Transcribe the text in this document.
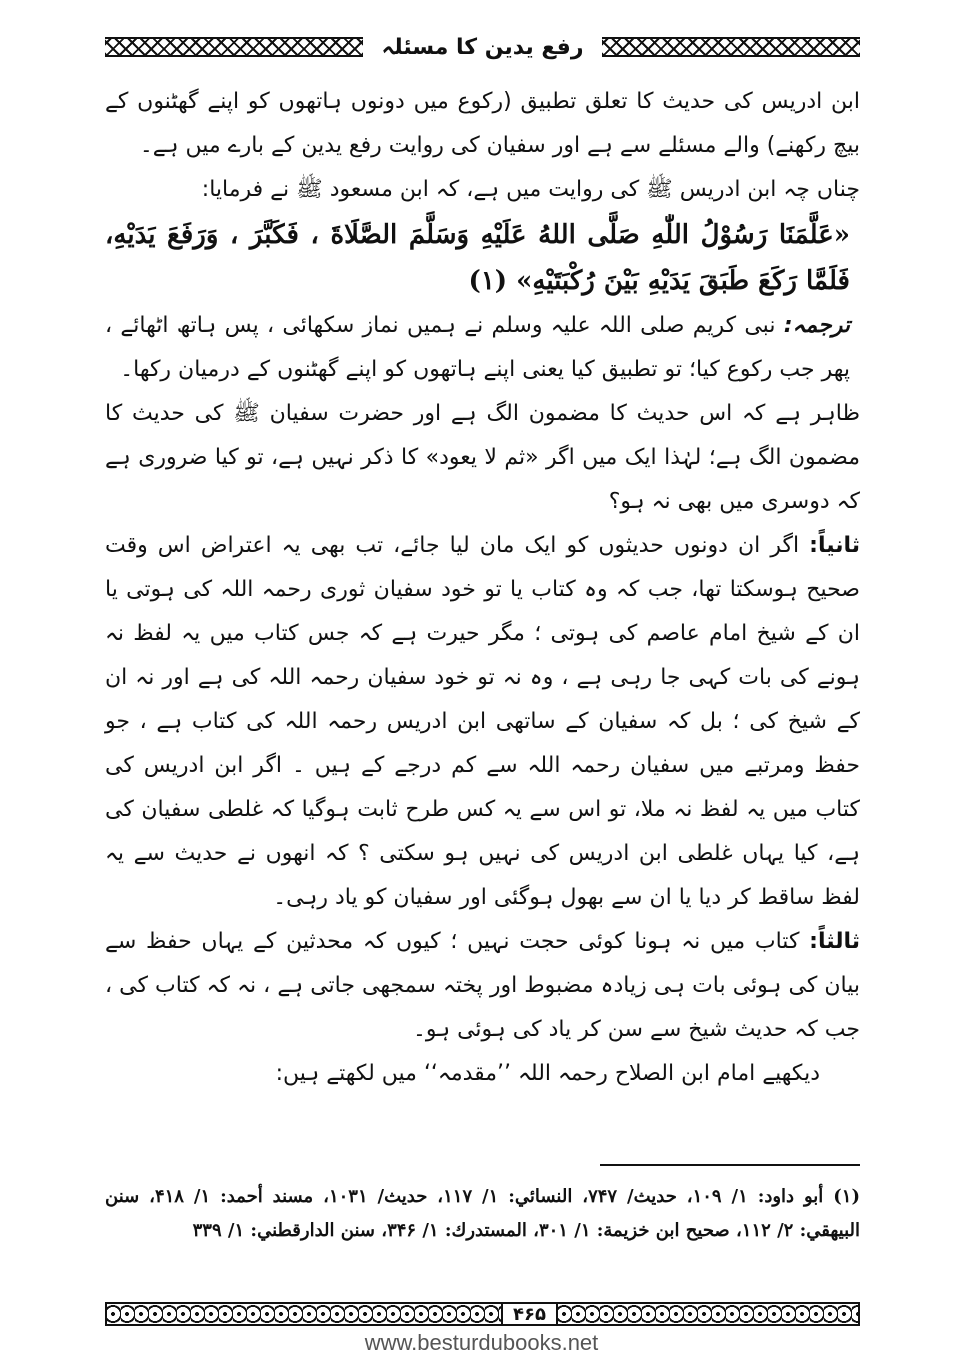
رفع یدین کا مسئلہ

ابن ادریس کی حدیث کا تعلق تطبیق (رکوع میں دونوں ہاتھوں کو اپنے گھٹنوں کے بیچ رکھنے) والے مسئلے سے ہے اور سفیان کی روایت رفع یدین کے بارے میں ہے۔

چناں چہ ابن ادریس ﷺ کی روایت میں ہے، کہ ابن مسعود ﷺ نے فرمایا:

«عَلَّمَنَا رَسُوْلُ اللّٰهِ صَلَّى اللهُ عَلَيْهِ وَسَلَّمَ الصَّلَاةَ ، فَكَبَّرَ ، وَرَفَعَ يَدَيْهِ، فَلَمَّا رَكَعَ طَبَقَ يَدَيْهِ بَيْنَ رُكْبَتَيْهِ» (۱)

ترجمہ: نبی کریم صلی اللہ علیہ وسلم نے ہمیں نماز سکھائی ، پس ہاتھ اٹھائے ، پھر جب رکوع کیا؛ تو تطبیق کیا یعنی اپنے ہاتھوں کو اپنے گھٹنوں کے درمیان رکھا۔

ظاہر ہے کہ اس حدیث کا مضمون الگ ہے اور حضرت سفیان ﷺ کی حدیث کا مضمون الگ ہے؛ لہٰذا ایک میں اگر «ثم لا یعود» کا ذکر نہیں ہے، تو کیا ضروری ہے کہ دوسری میں بھی نہ ہو؟

ثانیاً: اگر ان دونوں حدیثوں کو ایک مان لیا جائے، تب بھی یہ اعتراض اس وقت صحیح ہوسکتا تھا، جب کہ وہ کتاب یا تو خود سفیان ثوری رحمہ اللہ کی ہوتی یا ان کے شیخ امام عاصم کی ہوتی ؛ مگر حیرت ہے کہ جس کتاب میں یہ لفظ نہ ہونے کی بات کہی جا رہی ہے ، وہ نہ تو خود سفیان رحمہ اللہ کی ہے اور نہ ان کے شیخ کی ؛ بل کہ سفیان کے ساتھی ابن ادریس رحمہ اللہ کی کتاب ہے ، جو حفظ ومرتبے میں سفیان رحمہ اللہ سے کم درجے کے ہیں ۔ اگر ابن ادریس کی کتاب میں یہ لفظ نہ ملا، تو اس سے یہ کس طرح ثابت ہوگیا کہ غلطی سفیان کی ہے، کیا یہاں غلطی ابن ادریس کی نہیں ہو سکتی ؟ کہ انھوں نے حدیث سے یہ لفظ ساقط کر دیا یا ان سے بھول ہوگئی اور سفیان کو یاد رہی۔

ثالثاً: کتاب میں نہ ہونا کوئی حجت نہیں ؛ کیوں کہ محدثین کے یہاں حفظ سے بیان کی ہوئی بات ہی زیادہ مضبوط اور پختہ سمجھی جاتی ہے ، نہ کہ کتاب کی ، جب کہ حدیث شیخ سے سن کر یاد کی ہوئی ہو۔

دیکھیے امام ابن الصلاح رحمہ اللہ ’’مقدمہ‘‘ میں لکھتے ہیں:

(۱) أبو داود: ۱/ ۱۰۹، حديث/ ۷۴۷، النسائي: ۱/ ۱۱۷، حديث/ ۱۰۳۱، مسند أحمد: ۱/ ۴۱۸، سنن البيهقي: ۲/ ۱۱۲، صحيح ابن خزيمة: ۱/ ۳۰۱، المستدرك: ۱/ ۳۴۶، سنن الدارقطني: ۱/ ۳۳۹
۴۶۵
www.besturdubooks.net
